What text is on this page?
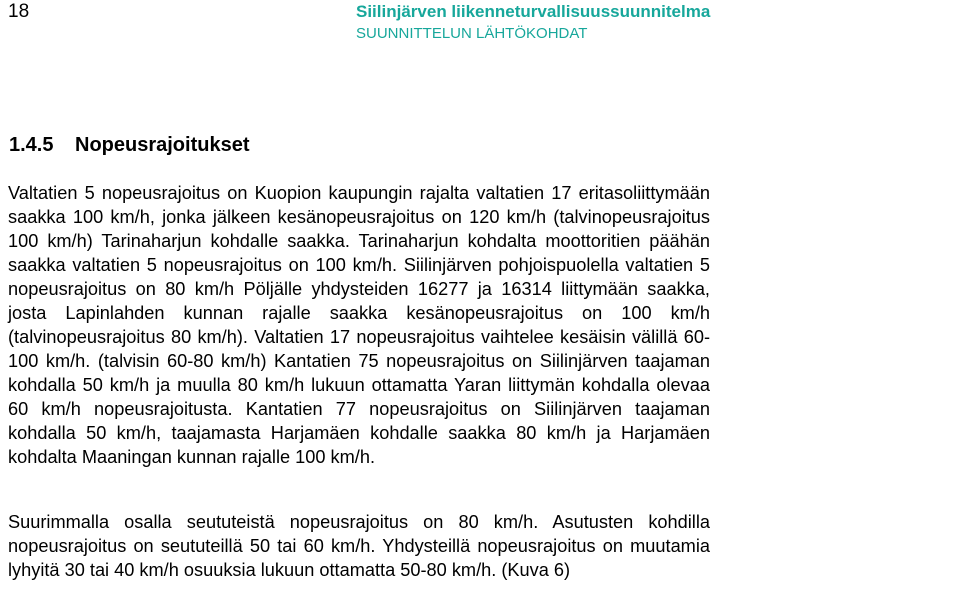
18	Siilinjärven liikenneturvallisuussuunnitelma
SUUNNITTELUN LÄHTÖKOHDAT
1.4.5 Nopeusrajoitukset

Valtatien 5 nopeusrajoitus on Kuopion kaupungin rajalta valtatien 17 eritasoliittymään saakka 100 km/h, jonka jälkeen kesänopeusrajoitus on 120 km/h (talvinopeusrajoitus 100 km/h) Tarinaharjun kohdalle saakka. Tarinaharjun kohdalta moottoritien päähän saakka valtatien 5 nopeusrajoitus on 100 km/h. Siilinjärven pohjoispuolella valtatien 5 nopeusrajoitus on 80 km/h Pöljälle yhdysteiden 16277 ja 16314 liittymään saakka, josta Lapinlahden kunnan rajalle saakka kesänopeusrajoitus on 100 km/h (talvinopeusrajoitus 80 km/h). Valtatien 17 nopeusrajoitus vaihtelee kesäisin välillä 60-100 km/h. (talvisin 60-80 km/h) Kantatien 75 nopeusrajoitus on Siilinjärven taajaman kohdalla 50 km/h ja muulla 80 km/h lukuun ottamatta Yaran liittymän kohdalla olevaa 60 km/h nopeusrajoitusta. Kantatien 77 nopeusrajoitus on Siilinjärven taajaman kohdalla 50 km/h, taajamasta Harjamäen kohdalle saakka 80 km/h ja Harjamäen kohdalta Maaningan kunnan rajalle 100 km/h.

Suurimmalla osalla seututeistä nopeusrajoitus on 80 km/h. Asutusten kohdilla nopeusrajoitus on seututeillä 50 tai 60 km/h. Yhdysteillä nopeusrajoitus on muutamia lyhyitä 30 tai 40 km/h osuuksia lukuun ottamatta 50-80 km/h. (Kuva 6)
